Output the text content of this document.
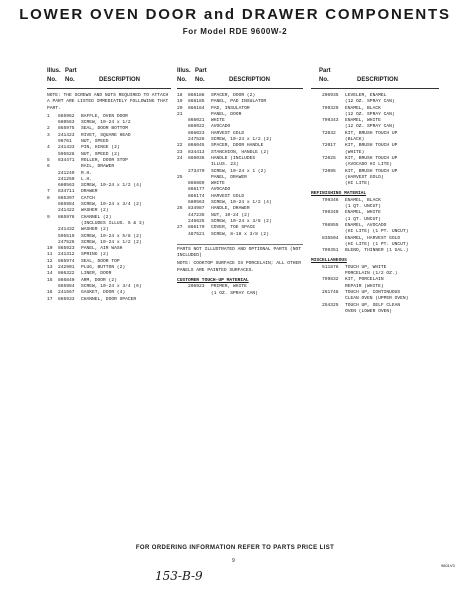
LOWER OVEN DOOR and DRAWER COMPONENTS
For Model RDE 9600W-2
Illus. Part
No. No.	DESCRIPTION
NOTE: THE SCREWS AND NUTS REQUIRED TO ATTACH A PART ARE LISTED IMMEDIATELY FOLLOWING THAT PART.
1	865962	BAFFLE, OVEN DOOR
680563	SCREW, 10-24 x 1/2
2	865975	SEAL, DOOR BOTTOM
3	241423	RIVET, SQUARE HEAD
96761	NUT, SPEED
4	241433	PIN, HINGE (2)
595526	NUT, SPEED (2)
5	834471	ROLLER, DOOR STOP
6	RAIL, DRAWER
241249	R.H.
241250	L.H.
680563	SCREW, 10-24 x 1/2 (4)
7	834711	DRAWER
8	865397	CATCH
865984	SCREW, 10-24 x 3/4 (2)
241422	WASHER (2)
9	865978	CHANNEL (2)
(INCLUDES ILLUS. 5 & 3)
241432	WASHER (2)
595519	SCREW, 10-24 x 5/8 (2)
247526	SCREW, 10-24 x 1/2 (2)
10	865923	PANEL, AIR WASH
11	241312	SPRING (2)
12	865974	SEAL, DOOR TOP
13	242901	PLUG, BUTTON (2)
14	866322	LINER, DOOR
15	866840	ARM, DOOR (2)
865984	SCREW, 10-24 x 3/4 (6)
16	241567	GASKET, DOOR (4)
17	865933	CHANNEL, DOOR SPACER
Illus. Part
No. No.	DESCRIPTION
18	866188	SPACER, DOOR (2)
19	866185	PANEL, PAD INSULATOR
20	866184	PAD, INSULATOR
21	PANEL, DOOR
866021	WHITE
866022	AVOCADO
866023	HARVEST GOLD
247526	SCREW, 10-24 x 1/2 (2)
22	866045	SPACER, DOOR HANDLE
23	834413	STANCHION, HANDLE (2)
24	866036	HANDLE (INCLUDES
ILLUS. 23)
273470	SCREW, 10-24 x 1 (2)
25	PANEL, DRAWER
866869	WHITE
866177	AVOCADO
866174	HARVEST GOLD
680563	SCREW, 10-24 x 1/2 (4)
26	834987	HANDLE, DRAWER
447235	NUT, 10-24 (2)
246625	SCREW, 10-24 x 3/8 (2)
27	866170	COVER, TOE SPACE
487521	SCREW, 8-18 x 3/8 (2)
PARTS NOT ILLUSTRATED AND OPTIONAL PARTS (NOT INCLUDED)
NOTE: COOKTOP SURFACE IS PORCELAIN; ALL OTHER PANELS ARE PAINTED SURFACES.
CUSTOMER TOUCH-UP MATERIAL
206923	PRIMER, WHITE
(1 OZ. SPRAY CAN)
Part
No.	DESCRIPTION
206935	LEVELER, ENAMEL
(12 OZ. SPRAY CAN)
799329	ENAMEL, BLACK
(12 OZ. SPRAY CAN)
799343	ENAMEL, WHITE
(12 OZ. SPRAY CAN)
72032	KIT, BRUSH TOUCH UP
(BLACK)
72017	KIT, BRUSH TOUCH UP
(WHITE)
72025	KIT, BRUSH TOUCH UP
(AVOCADO HI LITE)
72095	KIT, BRUSH TOUCH UP
(HARVEST GOLD)
(HI LITE)
REFINISHING MATERIAL
799346	ENAMEL, BLACK
(1 QT. UNCUT)
799340	ENAMEL, WHITE
(1 QT. UNCUT)
798955	ENAMEL, AVOCADO
(HI LITE) (1 PT. UNCUT)
835504	ENAMEL, HARVEST GOLD
(HI LITE) (1 PT. UNCUT)
799351	BLEND, THINNER (1 GAL.)
MISCELLANEOUS
511878	TOUCH UP, WHITE
PORCELAIN (1/2 OZ.)
799832	KIT, PORCELAIN
REPAIR (WHITE)
261748	TOUCH UP, CONTINUOUS
CLEAN OVEN (UPPER OVEN)
254325	TOUCH UP, SELF CLEAN
OVEN (LOWER OVEN)
FOR ORDERING INFORMATION REFER TO PARTS PRICE LIST
9
9801V0
153-B-9
